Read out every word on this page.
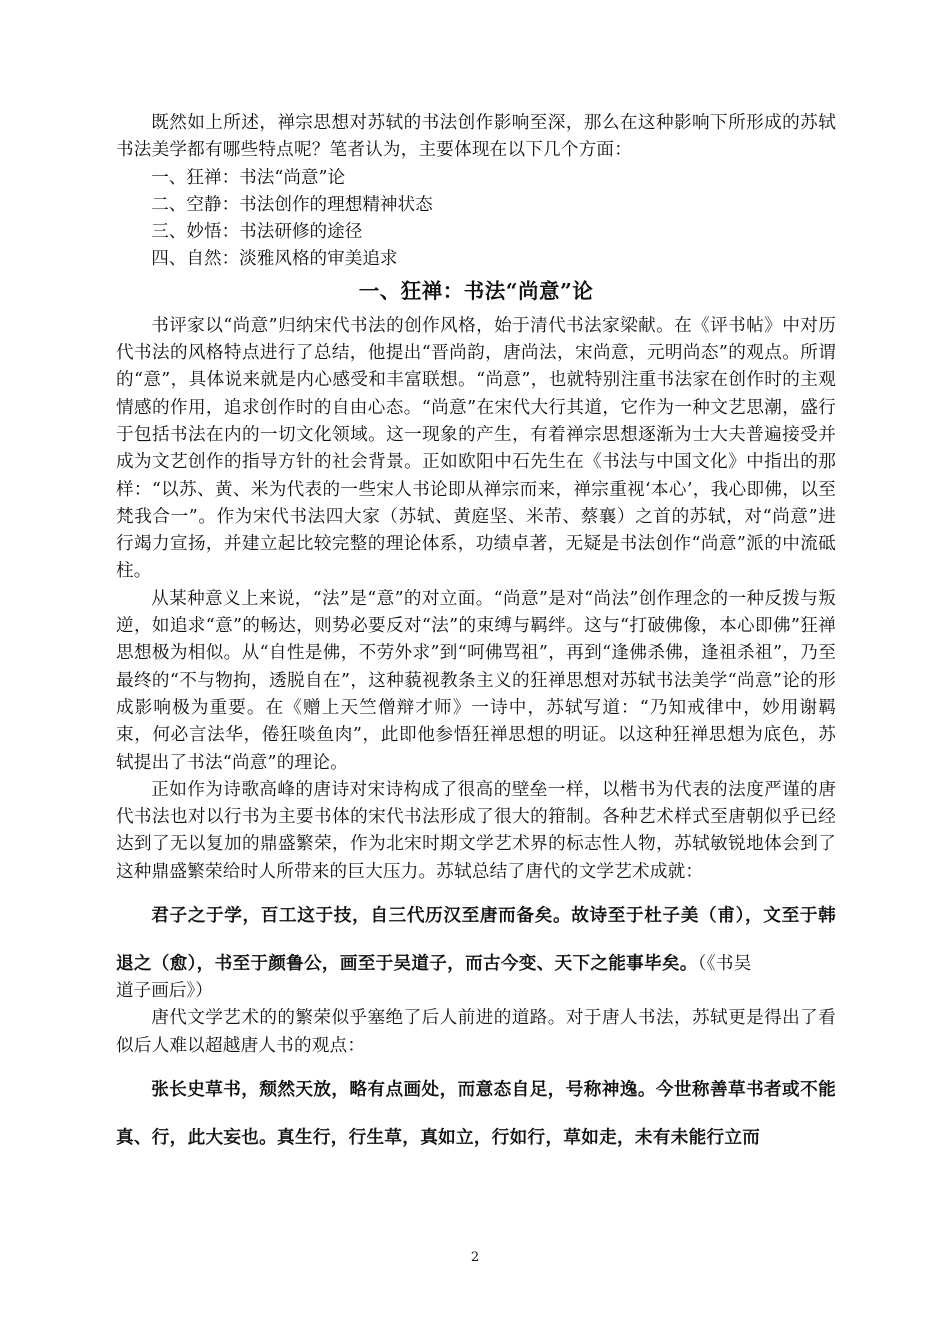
既然如上所述，禅宗思想对苏轼的书法创作影响至深，那么在这种影响下所形成的苏轼书法美学都有哪些特点呢？笔者认为，主要体现在以下几个方面：

一、狂禅：书法“尚意”论

二、空静：书法创作的理想精神状态

三、妙悟：书法研修的途径

四、自然：淡雅风格的审美追求

一、狂禅：书法“尚意”论

书评家以“尚意”归纳宋代书法的创作风格，始于清代书法家梁献。在《评书帖》中对历代书法的风格特点进行了总结，他提出“晋尚韵，唐尚法，宋尚意，元明尚态”的观点。所谓的“意”，具体说来就是内心感受和丰富联想。“尚意”，也就特别注重书法家在创作时的主观情感的作用，追求创作时的自由心态。“尚意”在宋代大行其道，它作为一种文艺思潮，盛行于包括书法在内的一切文化领域。这一现象的产生，有着禅宗思想逐渐为士大夫普遍接受并成为文艺创作的指导方针的社会背景。正如欧阳中石先生在《书法与中国文化》中指出的那样：“以苏、黄、米为代表的一些宋人书论即从禅宗而来，禅宗重视‘本心’，我心即佛，以至梵我合一”。作为宋代书法四大家（苏轼、黄庭坚、米芾、蔡襄）之首的苏轼，对“尚意”进行竭力宣扬，并建立起比较完整的理论体系，功绩卓著，无疑是书法创作“尚意”派的中流砥柱。

从某种意义上来说，“法”是“意”的对立面。“尚意”是对“尚法”创作理念的一种反拨与叛逆，如追求“意”的畅达，则势必要反对“法”的束缚与羁绊。这与“打破佛像，本心即佛”狂禅思想极为相似。从“自性是佛，不劳外求”到“呵佛骂祖”，再到“逢佛杀佛，逢祖杀祖”，乃至最终的“不与物拘，透脱自在”，这种藐视教条主义的狂禅思想对苏轼书法美学“尚意”论的形成影响极为重要。在《赠上天竺僧辩才师》一诗中，苏轼写道：“乃知戒律中，妙用谢羁束，何必言法华，倦狂啖鱼肉”，此即他参悟狂禅思想的明证。以这种狂禅思想为底色，苏轼提出了书法“尚意”的理论。

正如作为诗歌高峰的唐诗对宋诗构成了很高的壁垒一样，以楷书为代表的法度严谨的唐代书法也对以行书为主要书体的宋代书法形成了很大的箝制。各种艺术样式至唐朝似乎已经达到了无以复加的鼎盛繁荣，作为北宋时期文学艺术界的标志性人物，苏轼敏锐地体会到了这种鼎盛繁荣给时人所带来的巨大压力。苏轼总结了唐代的文学艺术成就：

君子之于学，百工这于技，自三代历汉至唐而备矣。故诗至于杜子美（甫），文至于韩退之（愈），书至于颜鲁公，画至于吴道子，而古今变、天下之能事毕矣。（《书吴

道子画后》）

唐代文学艺术的的繁荣似乎塞绝了后人前进的道路。对于唐人书法，苏轼更是得出了看似后人难以超越唐人书的观点：

张长史草书，颓然天放，略有点画处，而意态自足，号称神逸。今世称善草书者或不能真、行，此大妄也。真生行，行生草，真如立，行如行，草如走，未有未能行立而

2
